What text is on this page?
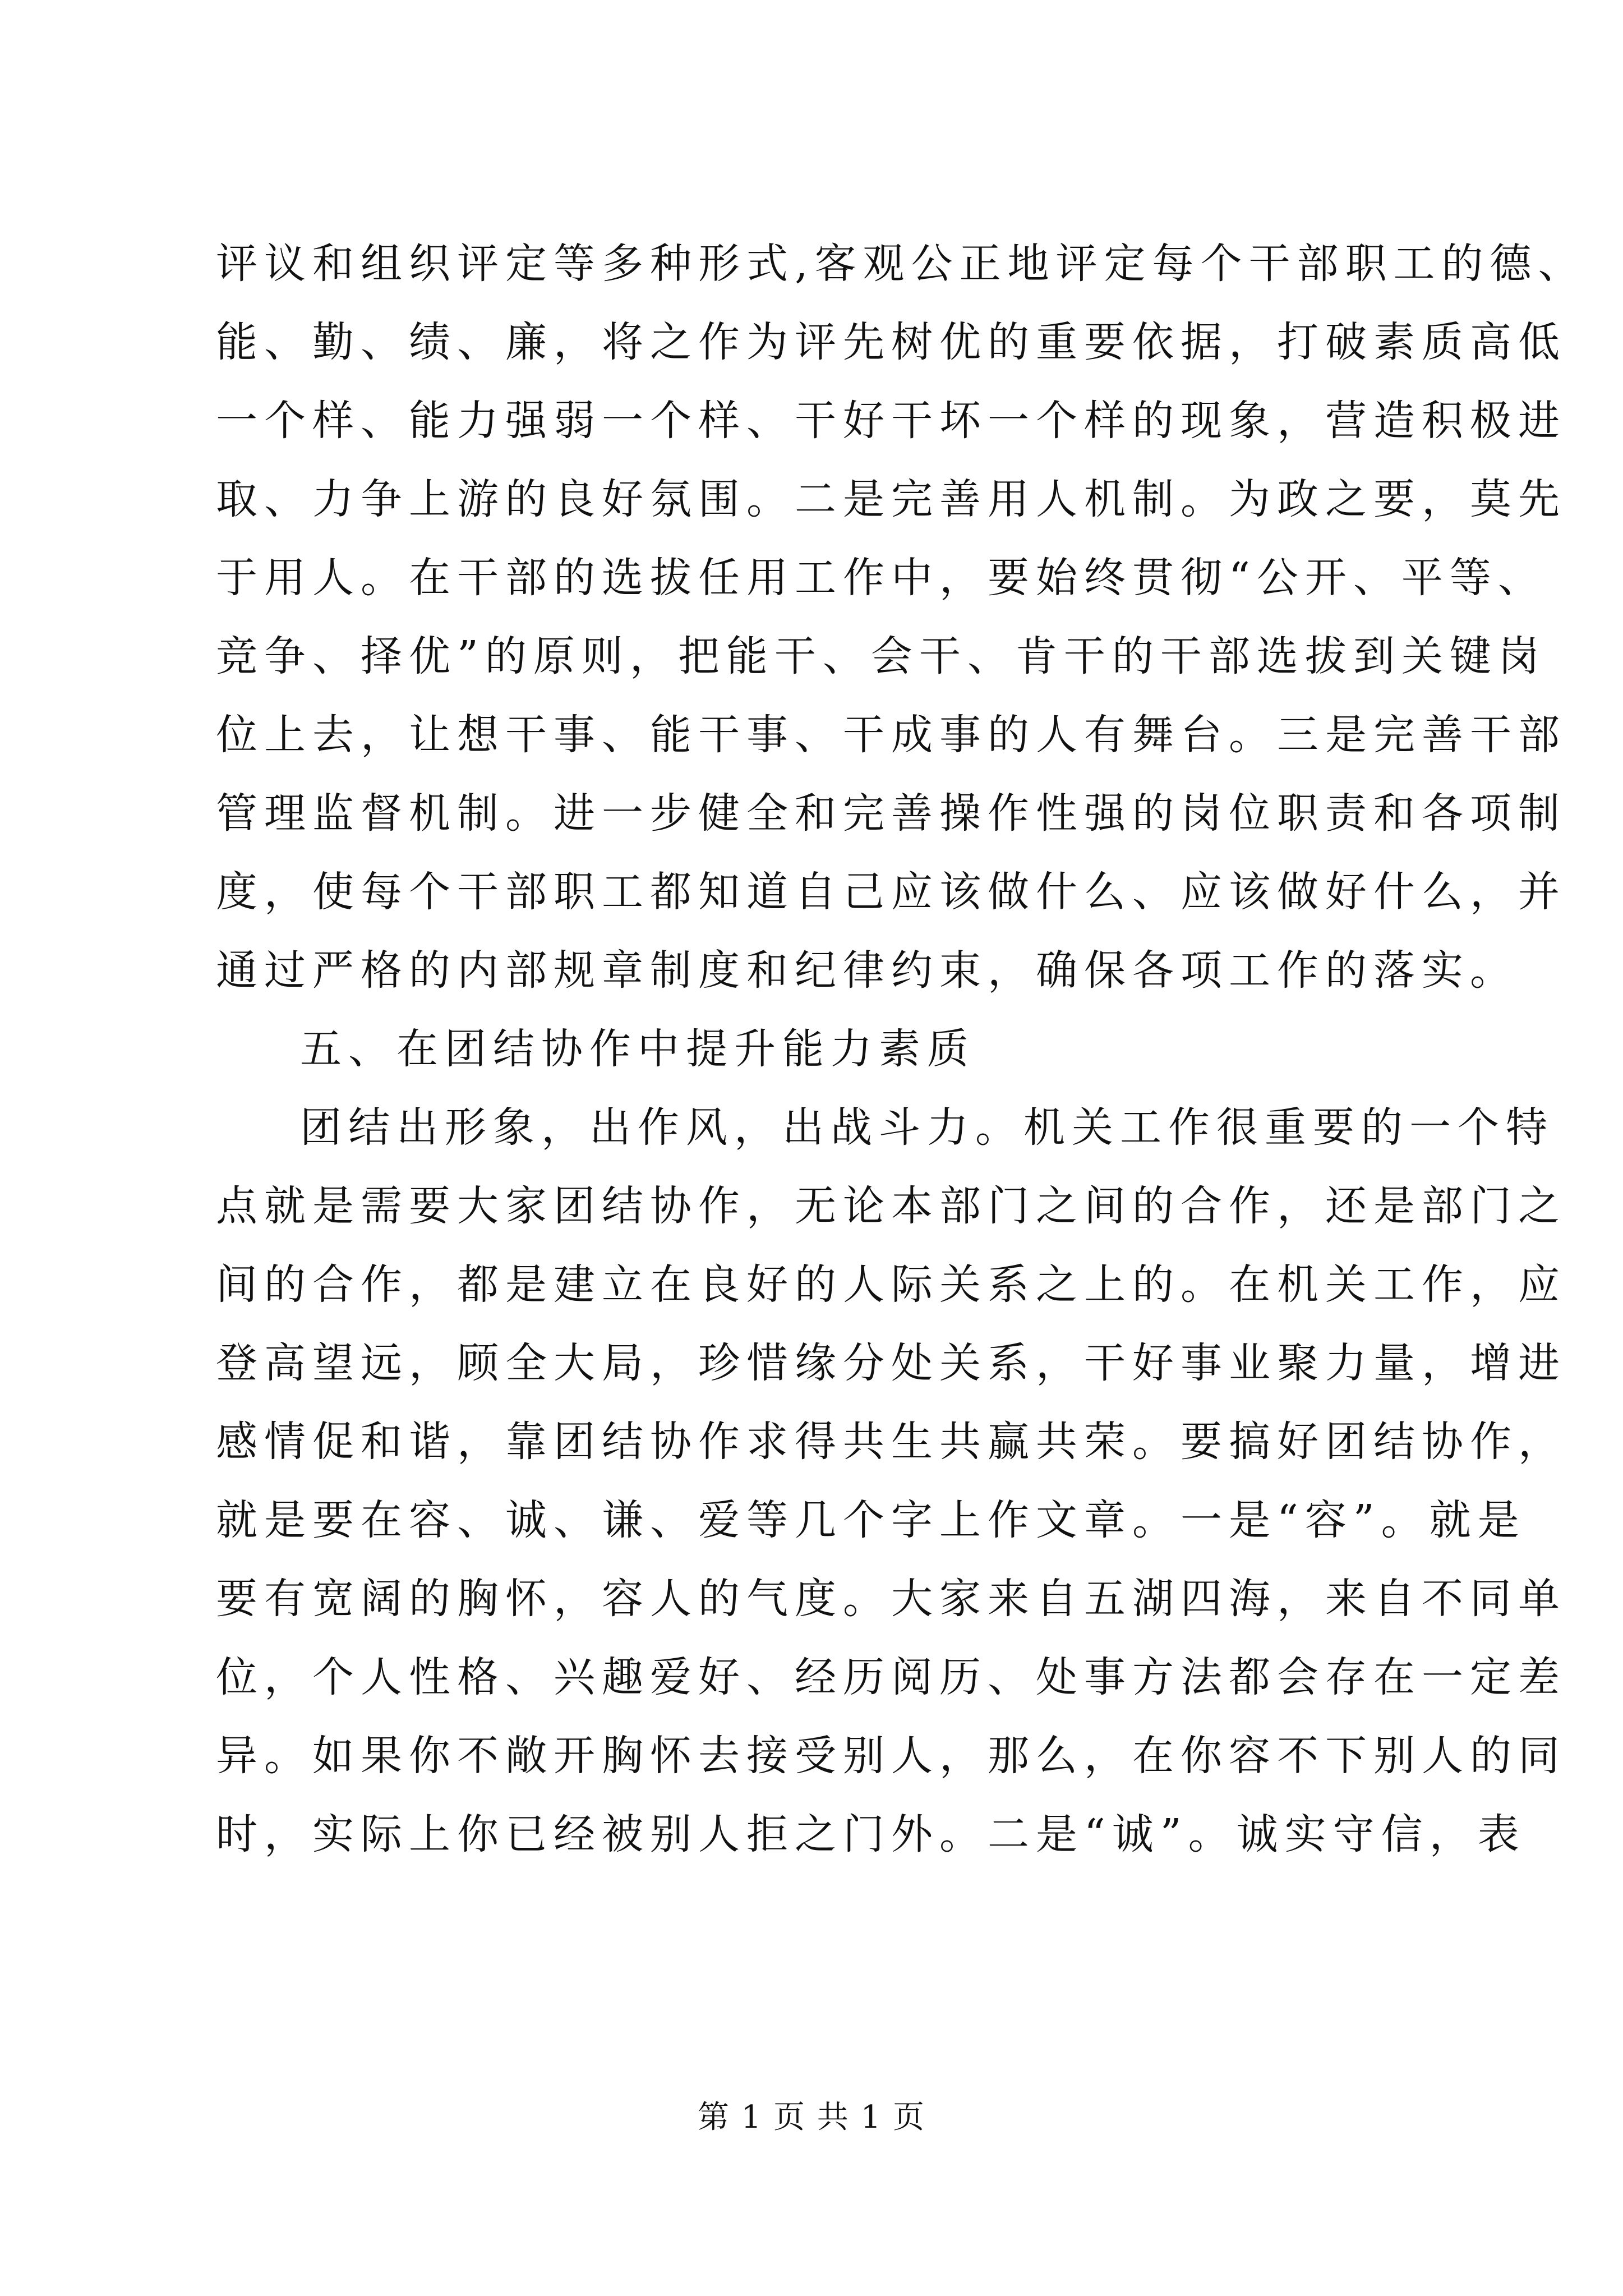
评议和组织评定等多种形式,客观公正地评定每个干部职工的德、
能、勤、绩、廉，将之作为评先树优的重要依据，打破素质高低
一个样、能力强弱一个样、干好干坏一个样的现象，营造积极进
取、力争上游的良好氛围。二是完善用人机制。为政之要，莫先
于用人。在干部的选拔任用工作中，要始终贯彻“公开、平等、
竞争、择优”的原则，把能干、会干、肯干的干部选拔到关键岗
位上去，让想干事、能干事、干成事的人有舞台。三是完善干部
管理监督机制。进一步健全和完善操作性强的岗位职责和各项制
度，使每个干部职工都知道自己应该做什么、应该做好什么，并
通过严格的内部规章制度和纪律约束，确保各项工作的落实。
五、在团结协作中提升能力素质
团结出形象，出作风，出战斗力。机关工作很重要的一个特
点就是需要大家团结协作，无论本部门之间的合作，还是部门之
间的合作，都是建立在良好的人际关系之上的。在机关工作，应
登高望远，顾全大局，珍惜缘分处关系，干好事业聚力量，增进
感情促和谐，靠团结协作求得共生共赢共荣。要搞好团结协作，
就是要在容、诚、谦、爱等几个字上作文章。一是“容”。就是
要有宽阔的胸怀，容人的气度。大家来自五湖四海，来自不同单
位，个人性格、兴趣爱好、经历阅历、处事方法都会存在一定差
异。如果你不敞开胸怀去接受别人，那么，在你容不下别人的同
时，实际上你已经被别人拒之门外。二是“诚”。诚实守信，表
第 1 页 共 1 页
